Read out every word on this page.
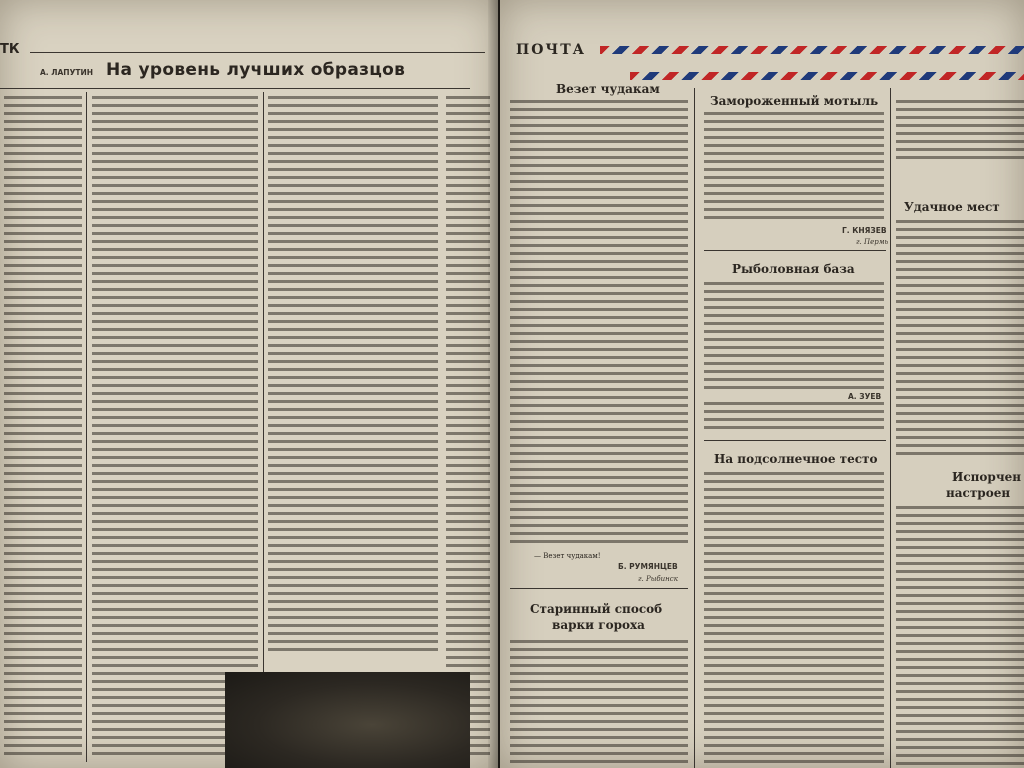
ТК
А. ЛАПУТИН На уровень лучших образцов
ПОЧТА
Везет чудакам
— Везет чудакам!
Б. РУМЯНЦЕВ
г. Рыбинск
Старинный способ
варки гороха
Замороженный мотыль
Г. КНЯЗЕВ
г. Пермь
Рыболовная база
А. ЗУЕВ
На подсолнечное тесто
Удачное мест
Испорчен
настроен
